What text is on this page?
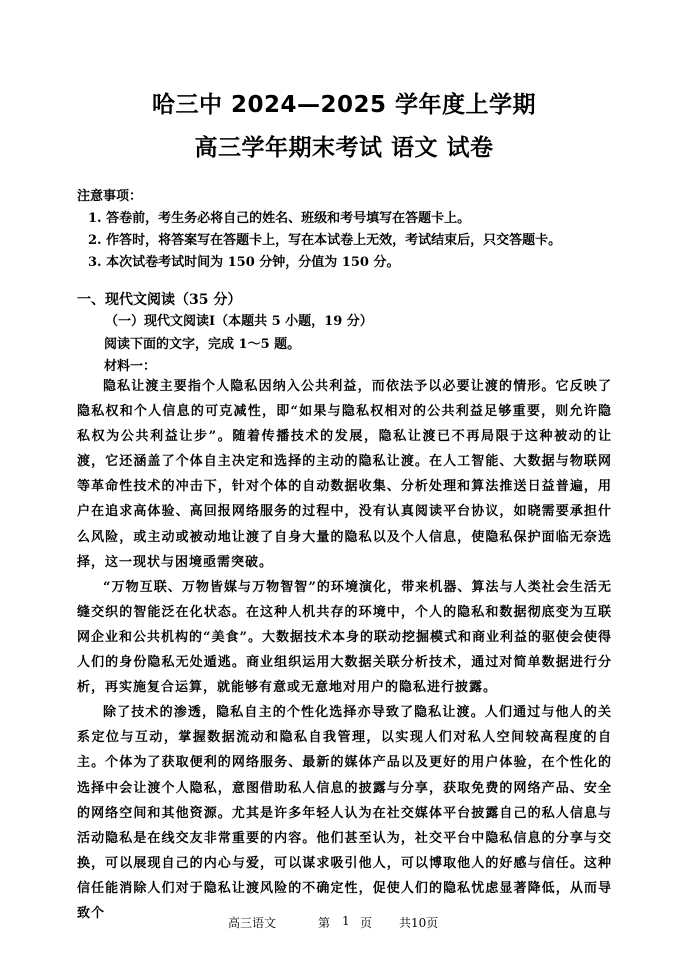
哈三中 2024—2025 学年度上学期
高三学年期末考试 语文 试卷
注意事项：
1. 答卷前，考生务必将自己的姓名、班级和考号填写在答题卡上。
2. 作答时，将答案写在答题卡上，写在本试卷上无效，考试结束后，只交答题卡。
3. 本次试卷考试时间为 150 分钟，分值为 150 分。
一、现代文阅读（35 分）
（一）现代文阅读Ⅰ（本题共 5 小题，19 分）
阅读下面的文字，完成 1～5 题。
材料一：

隐私让渡主要指个人隐私因纳入公共利益，而依法予以必要让渡的情形。它反映了隐私权和个人信息的可克减性，即“如果与隐私权相对的公共利益足够重要，则允许隐私权为公共利益让步”。随着传播技术的发展，隐私让渡已不再局限于这种被动的让渡，它还涵盖了个体自主决定和选择的主动的隐私让渡。在人工智能、大数据与物联网等革命性技术的冲击下，针对个体的自动数据收集、分析处理和算法推送日益普遍，用户在追求高体验、高回报网络服务的过程中，没有认真阅读平台协议，如晓需要承担什么风险，或主动或被动地让渡了自身大量的隐私以及个人信息，使隐私保护面临无奈选择，这一现状与困境亟需突破。

“万物互联、万物皆媒与万物智智”的环境演化，带来机器、算法与人类社会生活无缝交织的智能泛在化状态。在这种人机共存的环境中，个人的隐私和数据彻底变为互联网企业和公共机构的“美食”。大数据技术本身的联动挖掘模式和商业利益的驱使会使得人们的身份隐私无处遁逃。商业组织运用大数据关联分析技术，通过对简单数据进行分析，再实施复合运算，就能够有意或无意地对用户的隐私进行披露。

除了技术的渗透，隐私自主的个性化选择亦导致了隐私让渡。人们通过与他人的关系定位与互动，掌握数据流动和隐私自我管理，以实现人们对私人空间较高程度的自主。个体为了获取便利的网络服务、最新的媒体产品以及更好的用户体验，在个性化的选择中会让渡个人隐私，意图借助私人信息的披露与分享，获取免费的网络产品、安全的网络空间和其他资源。尤其是许多年轻人认为在社交媒体平台披露自己的私人信息与活动隐私是在线交友非常重要的内容。他们甚至认为，社交平台中隐私信息的分享与交换，可以展现自己的内心与爱，可以谋求吸引他人，可以博取他人的好感与信任。这种信任能消除人们对于隐私让渡风险的不确定性，促使人们的隐私忧虑显著降低，从而导致个

高三语文	第 1 页 共10页
